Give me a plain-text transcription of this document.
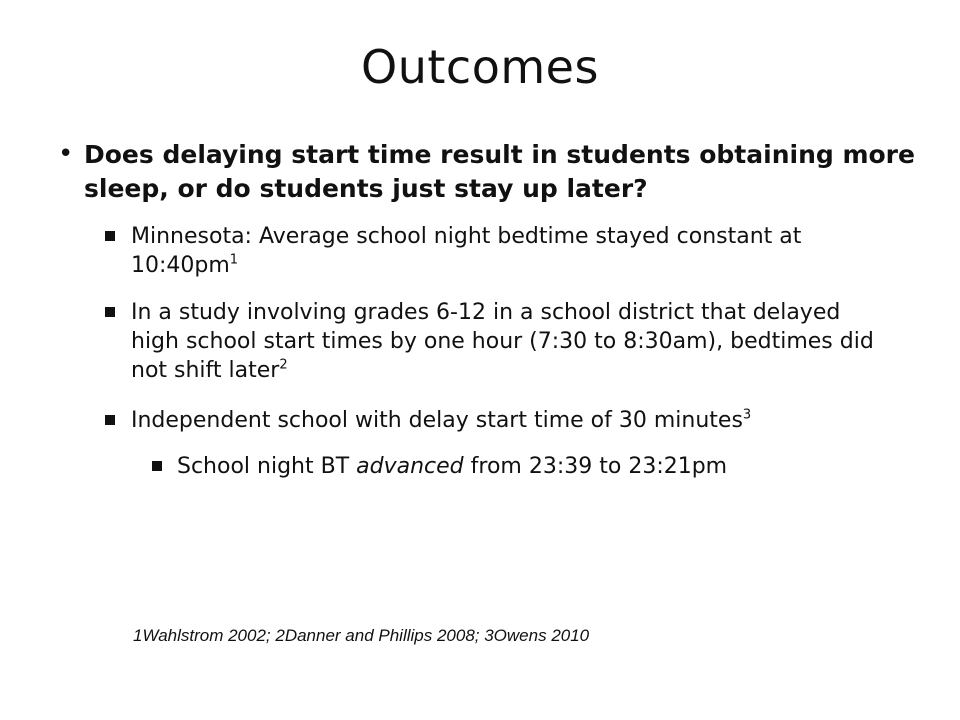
Outcomes
• Does delaying start time result in students obtaining more sleep, or do students just stay up later?
Minnesota: Average school night bedtime stayed constant at $10:40pm^1$
In a study involving grades 6-12 in a school district that delayed high school start times by one hour (7:30 to 8:30am), bedtimes did not shift later$^2$
Independent school with delay start time of 30 minutes$^3$
School night BT advanced from 23:39 to 23:21pm
1Wahlstrom 2002; 2Danner and Phillips 2008; 3Owens 2010
